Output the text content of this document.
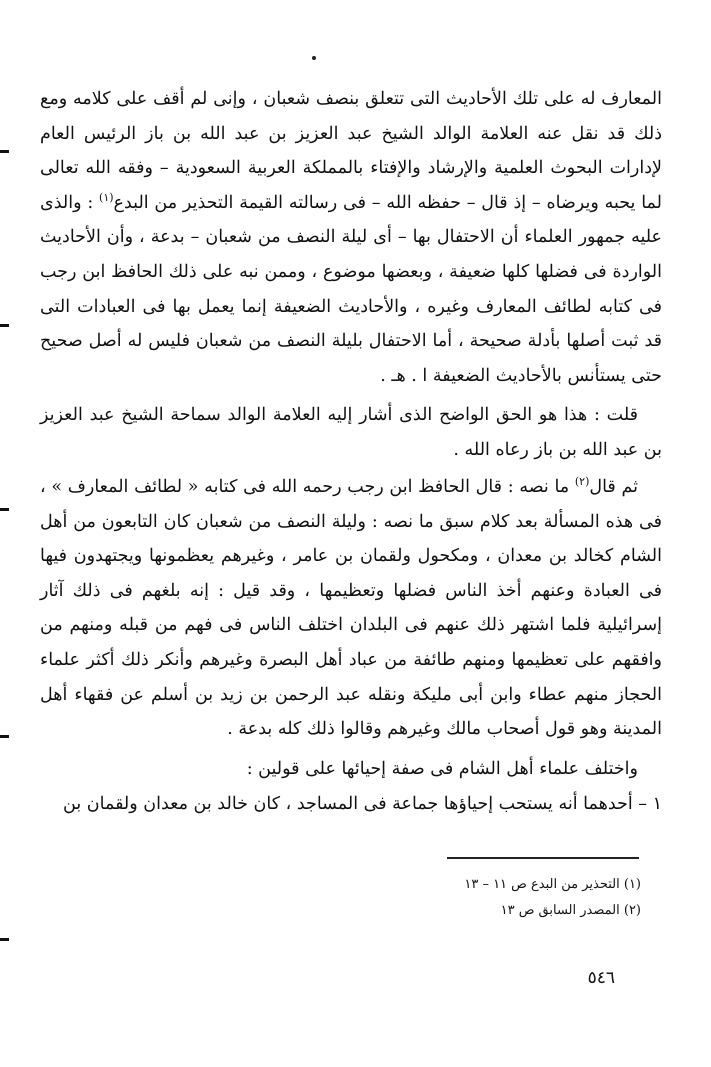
المعارف له على تلك الأحاديث التى تتعلق بنصف شعبان ، وإنى لم أقف على كلامه ومع ذلك قد نقل عنه العلامة الوالد الشيخ عبد العزيز بن عبد الله بن باز الرئيس العام لإدارات البحوث العلمية والإرشاد والإفتاء بالمملكة العربية السعودية – وفقه الله تعالى لما يحبه ويرضاه – إذ قال – حفظه الله – فى رسالته القيمة التحذير من البدع$^{(١)}$ : والذى عليه جمهور العلماء أن الاحتفال بها – أى ليلة النصف من شعبان – بدعة ، وأن الأحاديث الواردة فى فضلها كلها ضعيفة ، وبعضها موضوع ، وممن نبه على ذلك الحافظ ابن رجب فى كتابه لطائف المعارف وغيره ، والأحاديث الضعيفة إنما يعمل بها فى العبادات التى قد ثبت أصلها بأدلة صحيحة ، أما الاحتفال بليلة النصف من شعبان فليس له أصل صحيح حتى يستأنس بالأحاديث الضعيفة ا . هـ .

قلت : هذا هو الحق الواضح الذى أشار إليه العلامة الوالد سماحة الشيخ عبد العزيز بن عبد الله بن باز رعاه الله .

ثم قال$^{(٢)}$ ما نصه : قال الحافظ ابن رجب رحمه الله فى كتابه « لطائف المعارف » ، فى هذه المسألة بعد كلام سبق ما نصه : وليلة النصف من شعبان كان التابعون من أهل الشام كخالد بن معدان ، ومكحول ولقمان بن عامر ، وغيرهم يعظمونها ويجتهدون فيها فى العبادة وعنهم أخذ الناس فضلها وتعظيمها ، وقد قيل : إنه بلغهم فى ذلك آثار إسرائيلية فلما اشتهر ذلك عنهم فى البلدان اختلف الناس فى فهم من قبله ومنهم من وافقهم على تعظيمها ومنهم طائفة من عباد أهل البصرة وغيرهم وأنكر ذلك أكثر علماء الحجاز منهم عطاء وابن أبى مليكة ونقله عبد الرحمن بن زيد بن أسلم عن فقهاء أهل المدينة وهو قول أصحاب مالك وغيرهم وقالوا ذلك كله بدعة .

واختلف علماء أهل الشام فى صفة إحيائها على قولين :

١ – أحدهما أنه يستحب إحياؤها جماعة فى المساجد ، كان خالد بن معدان ولقمان بن

(١) التحذير من البدع ص ١١ – ١٣
(٢) المصدر السابق ص ١٣
٥٤٦
